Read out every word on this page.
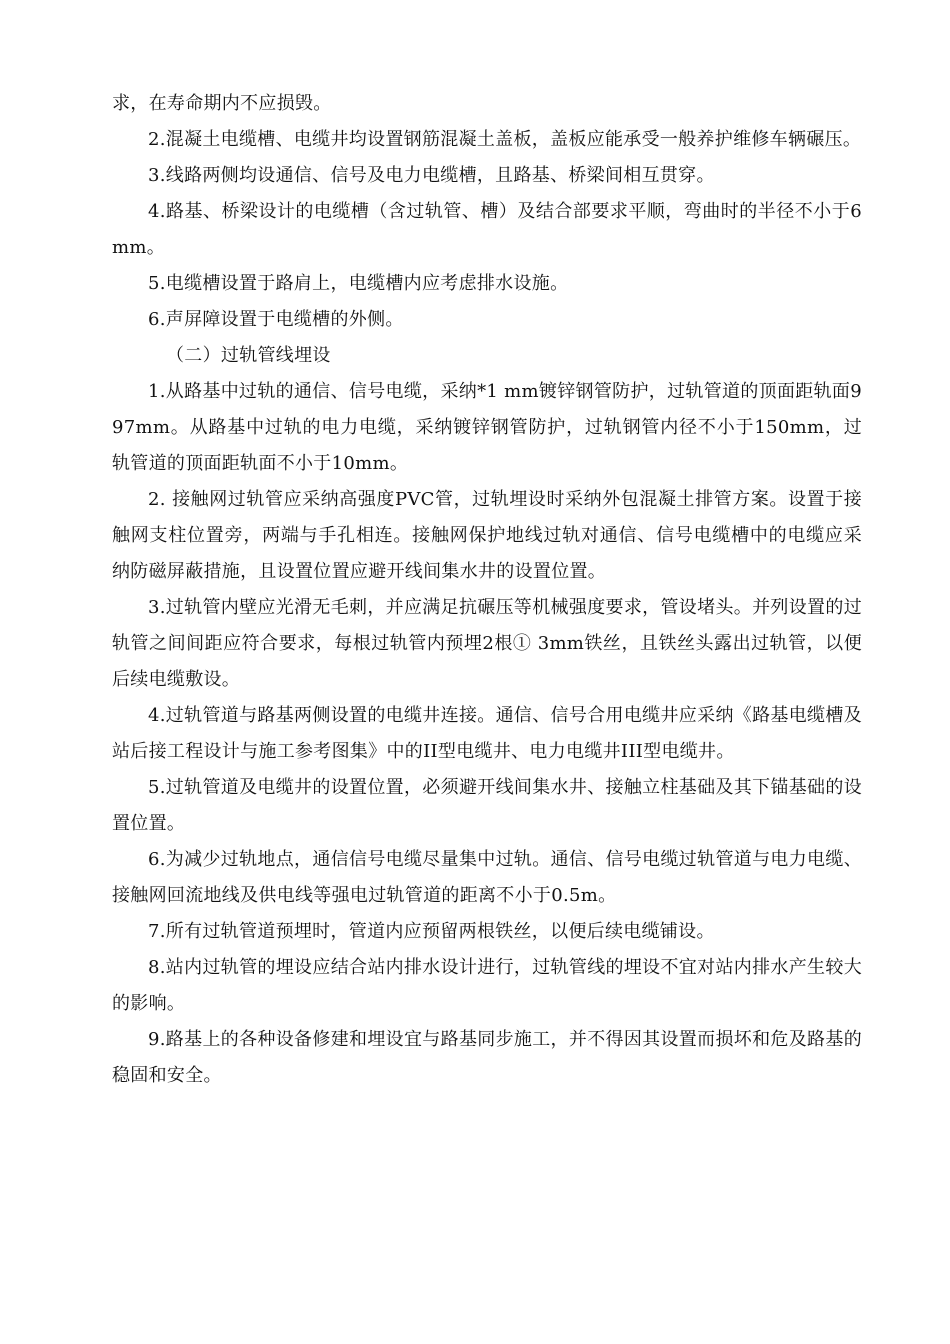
求，在寿命期内不应损毁。

2.混凝土电缆槽、电缆井均设置钢筋混凝土盖板，盖板应能承受一般养护维修车辆碾压。

3.线路两侧均设通信、信号及电力电缆槽，且路基、桥梁间相互贯穿。

4.路基、桥梁设计的电缆槽（含过轨管、槽）及结合部要求平顺，弯曲时的半径不小于6mm。

5.电缆槽设置于路肩上，电缆槽内应考虑排水设施。

6.声屏障设置于电缆槽的外侧。

（二）过轨管线埋设

1.从路基中过轨的通信、信号电缆，采纳*1 mm镀锌钢管防护，过轨管道的顶面距轨面997mm。从路基中过轨的电力电缆，采纳镀锌钢管防护，过轨钢管内径不小于150mm，过轨管道的顶面距轨面不小于10mm。

2. 接触网过轨管应采纳高强度PVC管，过轨埋设时采纳外包混凝土排管方案。设置于接触网支柱位置旁，两端与手孔相连。接触网保护地线过轨对通信、信号电缆槽中的电缆应采纳防磁屏蔽措施，且设置位置应避开线间集水井的设置位置。

3.过轨管内壁应光滑无毛刺，并应满足抗碾压等机械强度要求，管设堵头。并列设置的过轨管之间间距应符合要求，每根过轨管内预埋2根① 3mm铁丝，且铁丝头露出过轨管，以便后续电缆敷设。

4.过轨管道与路基两侧设置的电缆井连接。通信、信号合用电缆井应采纳《路基电缆槽及站后接工程设计与施工参考图集》中的II型电缆井、电力电缆井III型电缆井。

5.过轨管道及电缆井的设置位置，必须避开线间集水井、接触立柱基础及其下锚基础的设置位置。

6.为减少过轨地点，通信信号电缆尽量集中过轨。通信、信号电缆过轨管道与电力电缆、接触网回流地线及供电线等强电过轨管道的距离不小于0.5m。

7.所有过轨管道预埋时，管道内应预留两根铁丝，以便后续电缆铺设。

8.站内过轨管的埋设应结合站内排水设计进行，过轨管线的埋设不宜对站内排水产生较大的影响。

9.路基上的各种设备修建和埋设宜与路基同步施工，并不得因其设置而损坏和危及路基的稳固和安全。
